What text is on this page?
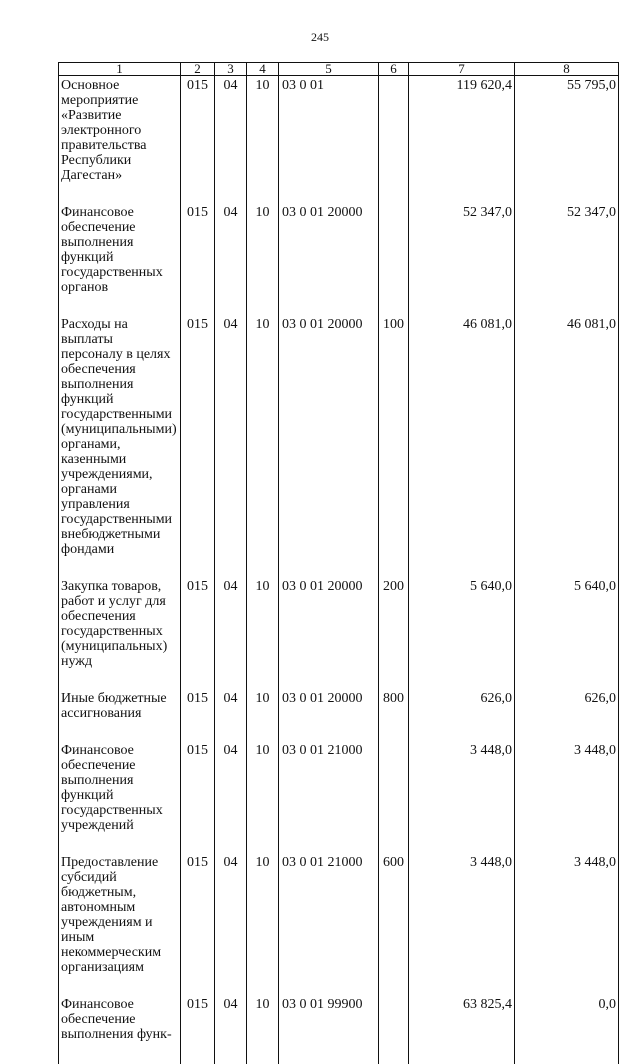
245
1	2	3	4	5	6	7	8
Основное мероприятие «Развитие электронного правительства Республики Дагестан»	015	04	10	03 0 01		119 620,4	55 795,0
Финансовое обеспечение выполнения функций государственных органов	015	04	10	03 0 01 20000		52 347,0	52 347,0
Расходы на выплаты персоналу в целях обеспечения выполнения функций государственными (муниципальными) органами, казенными учреждениями, органами управления государственными внебюджетными фондами	015	04	10	03 0 01 20000	100	46 081,0	46 081,0
Закупка товаров, работ и услуг для обеспечения государственных (муниципальных) нужд	015	04	10	03 0 01 20000	200	5 640,0	5 640,0
Иные бюджетные ассигнования	015	04	10	03 0 01 20000	800	626,0	626,0
Финансовое обеспечение выполнения функций государственных учреждений	015	04	10	03 0 01 21000		3 448,0	3 448,0
Предоставление субсидий бюджетным, автономным учреждениям и иным некоммерческим организациям	015	04	10	03 0 01 21000	600	3 448,0	3 448,0
Финансовое обеспечение выполнения функ-	015	04	10	03 0 01 99900		63 825,4	0,0
